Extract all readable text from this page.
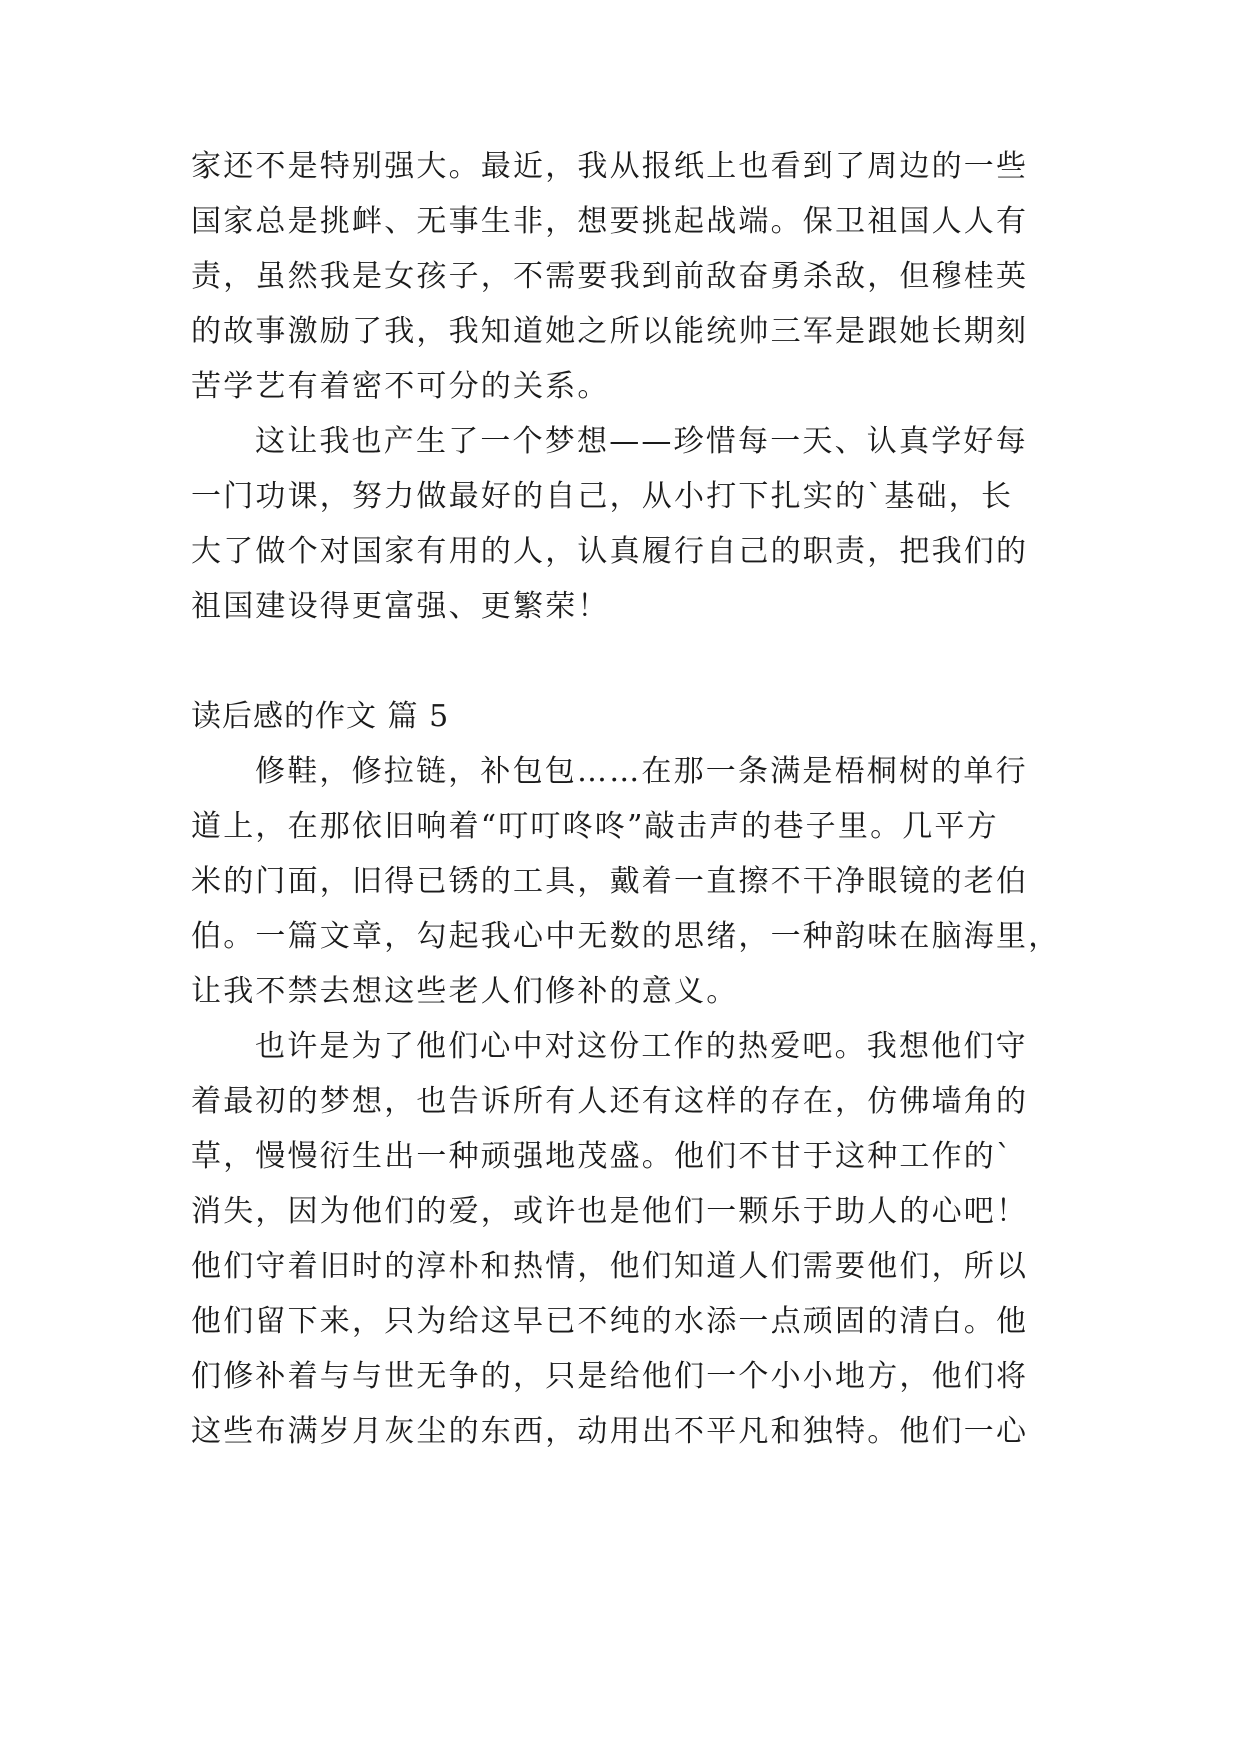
家还不是特别强大。最近，我从报纸上也看到了周边的一些
国家总是挑衅、无事生非，想要挑起战端。保卫祖国人人有
责，虽然我是女孩子，不需要我到前敌奋勇杀敌，但穆桂英
的故事激励了我，我知道她之所以能统帅三军是跟她长期刻
苦学艺有着密不可分的关系。
这让我也产生了一个梦想——珍惜每一天、认真学好每
一门功课，努力做最好的自己，从小打下扎实的`基础，长
大了做个对国家有用的人，认真履行自己的职责，把我们的
祖国建设得更富强、更繁荣！
读后感的作文 篇 5
修鞋，修拉链，补包包……在那一条满是梧桐树的单行
道上，在那依旧响着“叮叮咚咚”敲击声的巷子里。几平方
米的门面，旧得已锈的工具，戴着一直擦不干净眼镜的老伯
伯。一篇文章，勾起我心中无数的思绪，一种韵味在脑海里，
让我不禁去想这些老人们修补的意义。
也许是为了他们心中对这份工作的热爱吧。我想他们守
着最初的梦想，也告诉所有人还有这样的存在，仿佛墙角的
草，慢慢衍生出一种顽强地茂盛。他们不甘于这种工作的`
消失，因为他们的爱，或许也是他们一颗乐于助人的心吧！
他们守着旧时的淳朴和热情，他们知道人们需要他们，所以
他们留下来，只为给这早已不纯的水添一点顽固的清白。他
们修补着与与世无争的，只是给他们一个小小地方，他们将
这些布满岁月灰尘的东西，动用出不平凡和独特。他们一心
